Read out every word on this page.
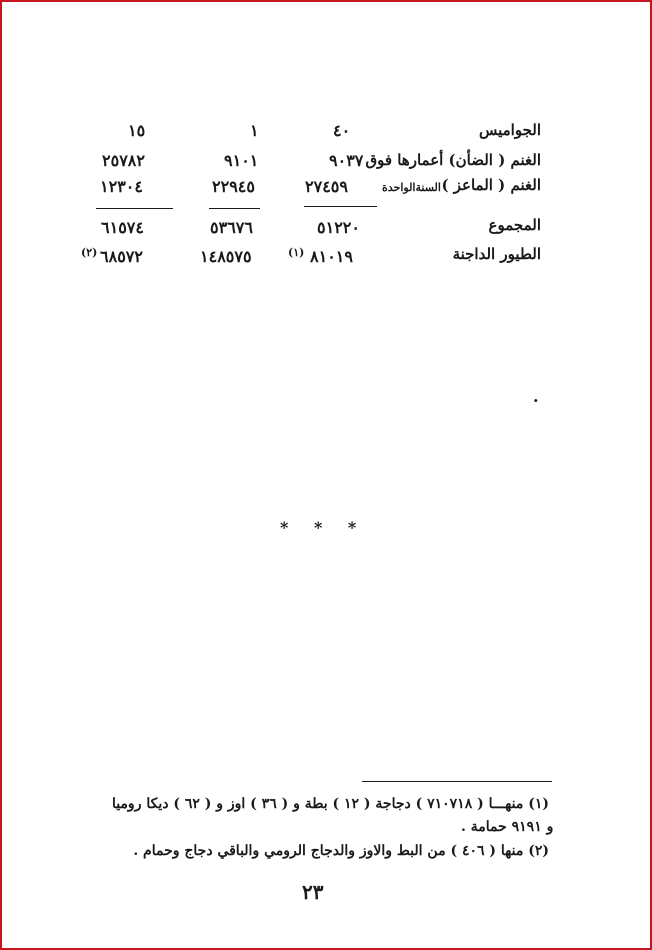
الجواميس
٤٠
١
١٥
الغنم ( الضأن) أعمارها فوق
٩٠٣٧
٩١٠١
٢٥٧٨٢
الغنم ( الماعز )
السنةالواحدة
٢٧٤٥٩
٢٢٩٤٥
١٢٣٠٤
المجموع
٥١٢٢٠
٥٣٦٧٦
٦١٥٧٤
الطيور الداجنة
٨١٠١٩
(١)
١٤٨٥٧٥
٦٨٥٧٢
(٢)
.
* * *
(١) منهـــا ( ٧١٠٧١٨ ) دجاجة ( ١٢ ) بطة و ( ٣٦ ) اوز و ( ٦٢ ) ديكا روميا
و ٩١٩١ حمامة .
(٢) منها ( ٤٠٦ ) من البط والاوز والدجاج الرومي والباقي دجاج وحمام .
٢٣
